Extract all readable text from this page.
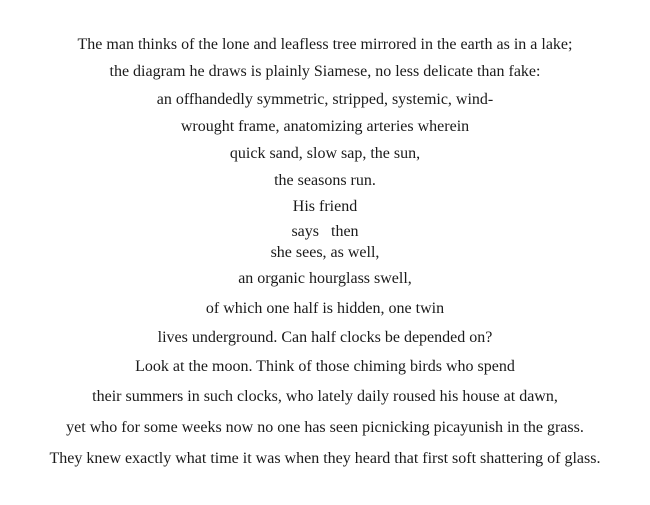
The man thinks of the lone and leafless tree mirrored in the earth as in a lake;
the diagram he draws is plainly Siamese, no less delicate than fake:
an offhandedly symmetric, stripped, systemic, wind-
wrought frame, anatomizing arteries wherein
quick sand, slow sap, the sun,
the seasons run.
His friend
says   then
she sees, as well,
an organic hourglass swell,
of which one half is hidden, one twin
lives underground. Can half clocks be depended on?
Look at the moon. Think of those chiming birds who spend
their summers in such clocks, who lately daily roused his house at dawn,
yet who for some weeks now no one has seen picnicking picayunish in the grass.
They knew exactly what time it was when they heard that first soft shattering of glass.
